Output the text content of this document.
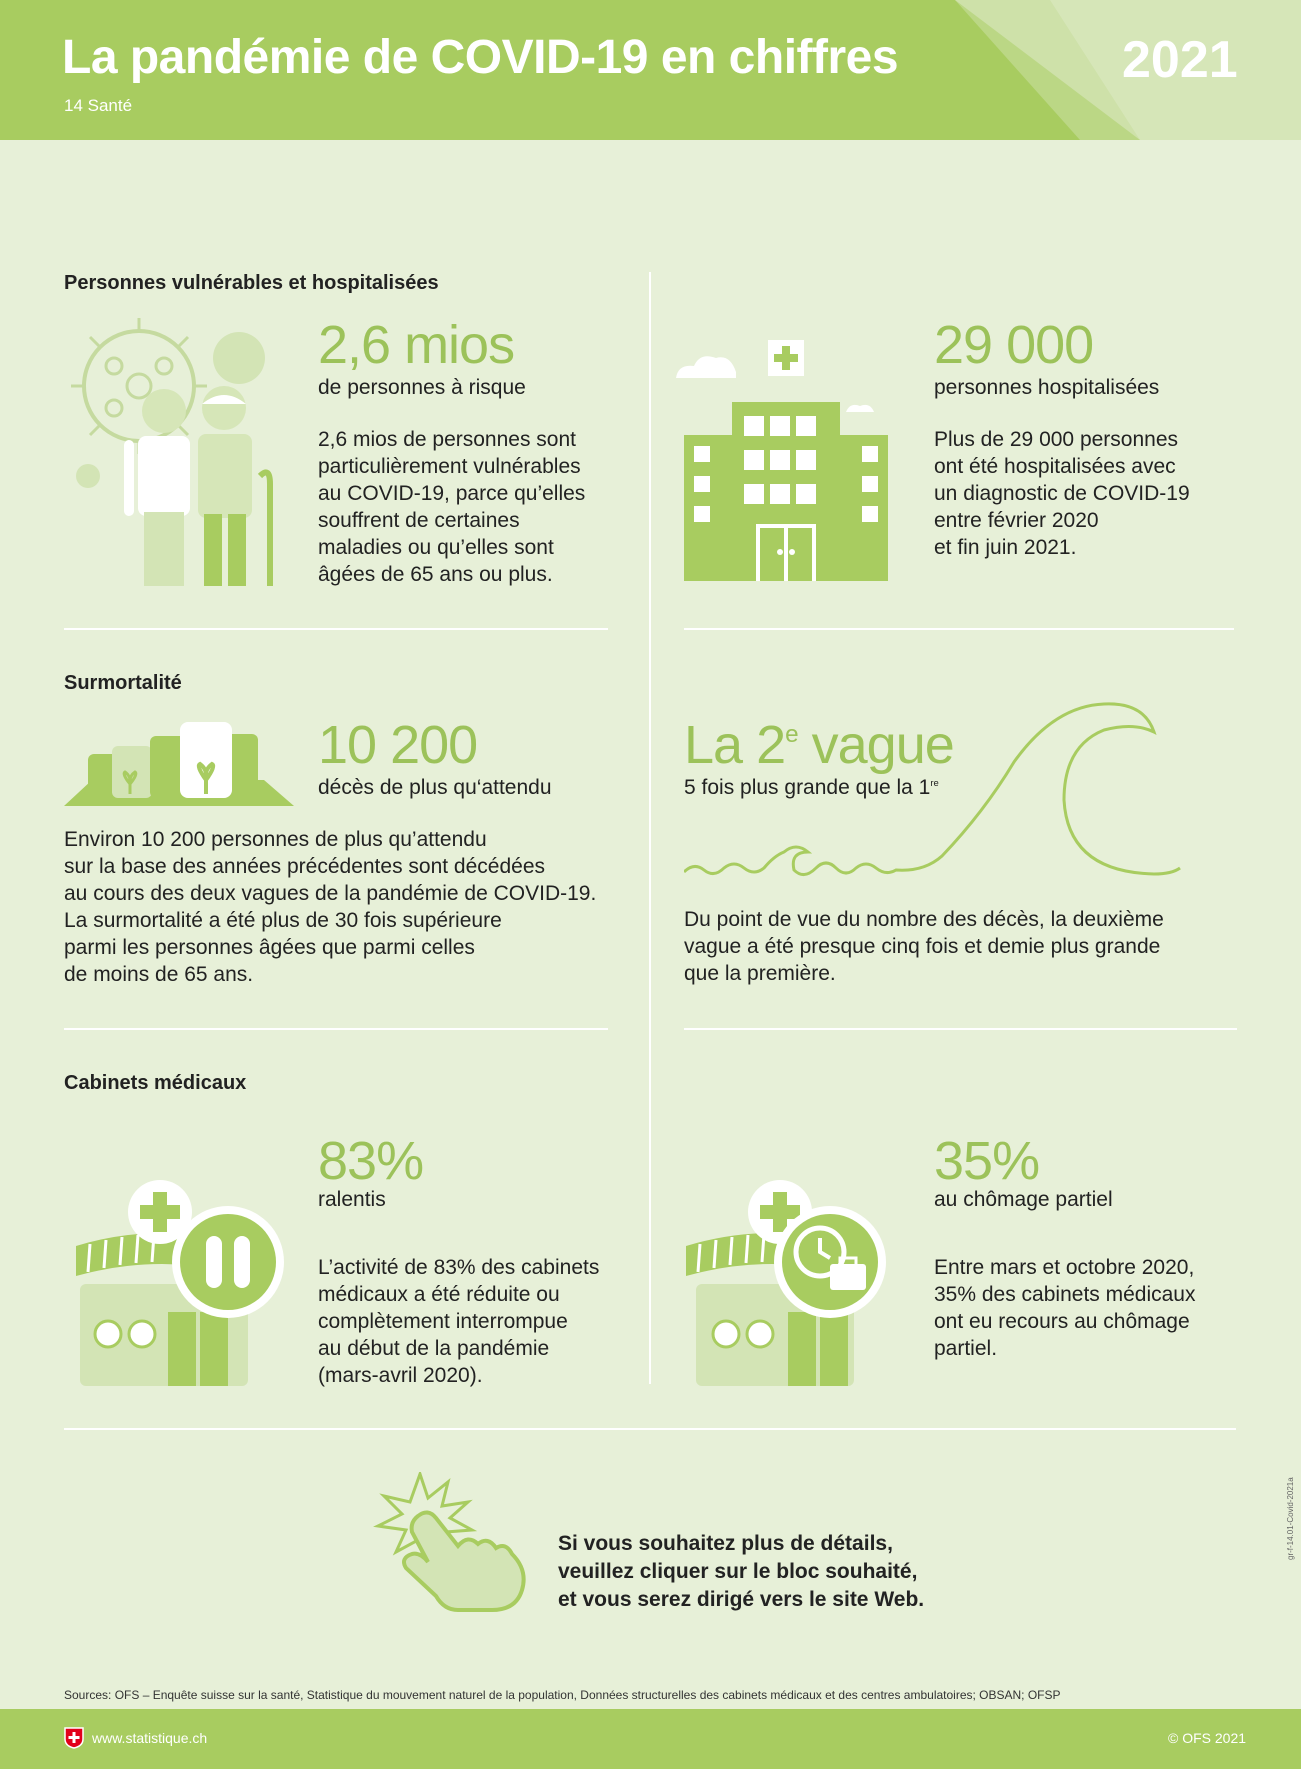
La pandémie de COVID-19 en chiffres
14 Santé
2021
Personnes vulnérables et hospitalisées
Surmortalité
Cabinets médicaux
2,6 mios
de personnes à risque
2,6 mios de personnes sont
particulièrement vulnérables
au COVID-19, parce qu’elles
souffrent de certaines
maladies ou qu’elles sont
âgées de 65 ans ou plus.
29 000
personnes hospitalisées
Plus de 29 000 personnes
ont été hospitalisées avec
un diagnostic de COVID-19
entre février 2020
et fin juin 2021.
10 200
décès de plus qu‘attendu
Environ 10 200 personnes de plus qu’attendu
sur la base des années précédentes sont décédées
au cours des deux vagues de la pandémie de COVID-19.
La surmortalité a été plus de 30 fois supérieure
parmi les personnes âgées que parmi celles
de moins de 65 ans.
La 2e vague
5 fois plus grande que la 1re
Du point de vue du nombre des décès, la deuxième
vague a été presque cinq fois et demie plus grande
que la première.
83%
ralentis
L’activité de 83% des cabinets
médicaux a été réduite ou
complètement interrompue
au début de la pandémie
(mars-avril 2020).
35%
au chômage partiel
Entre mars et octobre 2020,
35% des cabinets médicaux
ont eu recours au chômage
partiel.
Si vous souhaitez plus de détails,
veuillez cliquer sur le bloc souhaité,
et vous serez dirigé vers le site Web.
gr-f-14.01-Covid-2021a
Sources: OFS – Enquête suisse sur la santé, Statistique du mouvement naturel de la population, Données structurelles des cabinets médicaux et des centres ambulatoires; OBSAN; OFSP
www.statistique.ch	© OFS 2021
